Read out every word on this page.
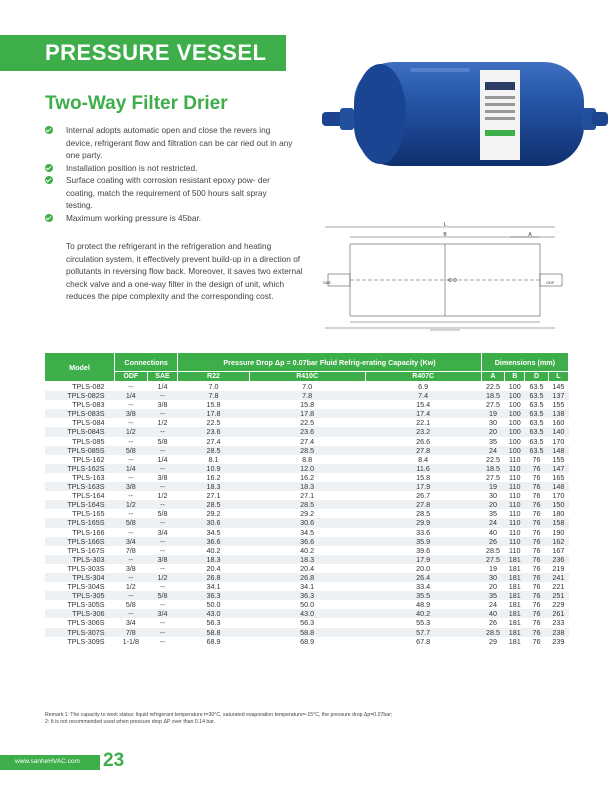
PRESSURE VESSEL
Two-Way Filter Drier
Internal adopts automatic open and close the revers ing device, refrigerant flow and filtration can be car ried out in any one party.
Installation position is not restricted.
Surface coating with corrosion resistant epoxy pow- der coating, match the requirement of 500 hours salt spray testing.
Maximum working pressure is 45bar.
To protect the refrigerant in the refrigeration and heating circulation system, it effectively prevent build-up in a direction of pollutants in reversing flow back. Moreover, it saves two external check valve and a one-way filter in the design of unit, which reduces the pipe complexity and the corresponding cost.
L
B	A
Φ D
SAE	ODF
Model	Connections		Pressure Drop Δp = 0.07bar Fluid Refrig-erating Capacity (Kw)			Dimensions (mm)			
	ODF	SAE	R22	R410C	R407C	A	B	D	L
TPLS-082	--	1/4	7.0	7.0	6.9	22.5	100	63.5	145
TPLS-082S	1/4	--	7.8	7.8	7.4	18.5	100	63.5	137
TPLS-083	--	3/8	15.8	15.8	15.4	27.5	100	63.5	155
TPLS-083S	3/8	--	17.8	17.8	17.4	19	100	63.5	138
TPLS-084	--	1/2	22.5	22.5	22.1	30	100	63.5	160
TPLS-084S	1/2	--	23.6	23.6	23.2	20	100	63.5	140
TPLS-085	--	5/8	27.4	27.4	26.6	35	100	63.5	170
TPLS-085S	5/8	--	28.5	28.5	27.8	24	100	63.5	148
TPLS-162	--	1/4	8.1	8.8	8.4	22.5	110	76	155
TPLS-162S	1/4	--	10.9	12.0	11.6	18.5	110	76	147
TPLS-163	--	3/8	16.2	16.2	15.8	27.5	110	76	165
TPLS-163S	3/8	--	18.3	18.3	17.9	19	110	76	148
TPLS-164	--	1/2	27.1	27.1	26.7	30	110	76	170
TPLS-164S	1/2	--	28.5	28.5	27.8	20	110	76	150
TPLS-165	--	5/8	29.2	29.2	28.5	35	110	76	180
TPLS-165S	5/8	--	30.6	30.6	29.9	24	110	76	158
TPLS-166	--	3/4	34.5	34.5	33.6	40	110	76	190
TPLS-166S	3/4	--	36.6	36.6	35.9	26	110	76	162
TPLS-167S	7/8	--	40.2	40.2	39.6	28.5	110	76	167
TPLS-303	--	3/8	18.3	18.3	17.9	27.5	181	76	236
TPLS-303S	3/8	--	20.4	20.4	20.0	19	181	76	219
TPLS-304	--	1/2	26.8	26.8	26.4	30	181	76	241
TPLS-304S	1/2	--	34.1	34.1	33.4	20	181	76	221
TPLS-305	--	5/8	36.3	36.3	35.5	35	181	76	251
TPLS-305S	5/8	--	50.0	50.0	48.9	24	181	76	229
TPLS-306	--	3/4	43.0	43.0	40.2	40	181	76	261
TPLS-306S	3/4	--	56.3	56.3	55.3	26	181	76	233
TPLS-307S	7/8	--	58.8	58.8	57.7	28.5	181	76	238
TPLS-309S	1-1/8	--	68.9	68.9	67.8	29	181	76	239
Remark:1: The capacity to work status: liquid refrigerant temperature t=30°C, saturated evaporation temperature=-15°C, the pressure drop Δp=0.07bar;
2: It is not recommended used when pressure drop ΔP over than 0.14 bar.
www.sanheHVAC.com 23
